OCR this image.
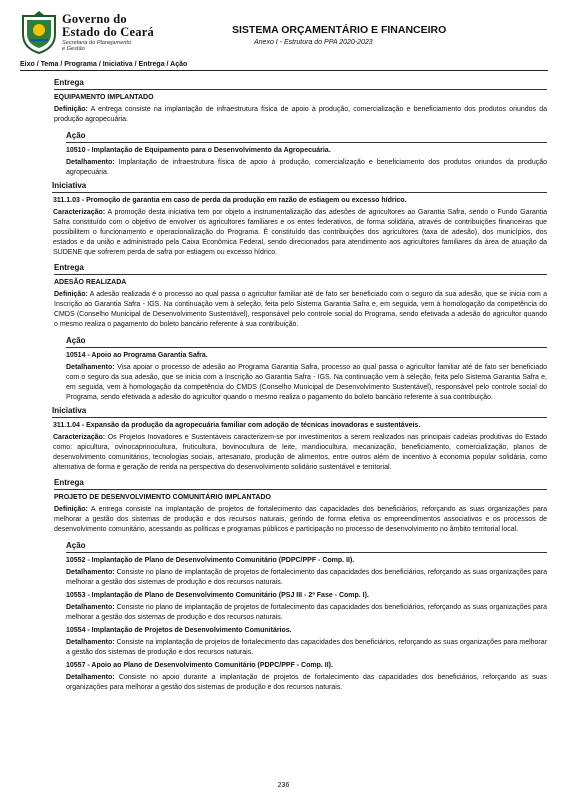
Governo do
Estado do Ceará
Secretaria do Planejamento
e Gestão
SISTEMA ORÇAMENTÁRIO E FINANCEIRO
Anexo I - Estrutura do PPA 2020-2023
Eixo / Tema / Programa / Iniciativa / Entrega / Ação
Entrega
EQUIPAMENTO IMPLANTADO
Definição: A entrega consiste na implantação de infraestrutura física de apoio à produção, comercialização e beneficiamento dos produtos oriundos da produção agropecuária.
Ação
10510 - Implantação de Equipamento para o Desenvolvimento da Agropecuária.
Detalhamento: Implantação de infraestrutura física de apoio à produção, comercialização e beneficiamento dos produtos oriundos da produção agropecuária.
Iniciativa
311.1.03 - Promoção de garantia em caso de perda da produção em razão de estiagem ou excesso hídrico.
Caracterização: A promoção desta iniciativa tem por objeto a instrumentalização das adesões de agricultores ao Garantia Safra, sendo o Fundo Garantia Safra constituído com o objetivo de envolver os agricultores familiares e os entes federativos, de forma solidária, através de contribuições financeiras que possibilitem o funcionamento e operacionalização do Programa. É constituído das contribuições dos agricultores (taxa de adesão), dos municípios, dos estados e da união e administrado pela Caixa Econômica Federal, sendo direcionados para atendimento aos agricultores familiares da área de atuação da SUDENE que sofrerem perda de safra por estiagem ou excesso hídrico.
Entrega
ADESÃO REALIZADA
Definição: A adesão realizada é o processo ao qual passa o agricultor familiar até de fato ser beneficiado com o seguro da sua adesão, que se inicia com a Inscrição ao Garantia Safra - IGS. Na continuação vem à seleção, feita pelo Sistema Garantia Safra e, em seguida, vem à homologação da competência do CMDS (Conselho Municipal de Desenvolvimento Sustentável), responsável pelo controle social do Programa, sendo efetivada a adesão do agricultor quando o mesmo realiza o pagamento do boleto bancário referente à sua contribuição.
Ação
10514 - Apoio ao Programa Garantia Safra.
Detalhamento: Visa apoiar o processo de adesão ao Programa Garantia Safra, processo ao qual passa o agricultor familiar até de fato ser beneficiado com o seguro da sua adesão, que se inicia com a Inscrição ao Garantia Safra - IGS. Na continuação vem à seleção, feita pelo Sistema Garantia Safra e, em seguida, vem à homologação da competência do CMDS (Conselho Municipal de Desenvolvimento Sustentável), responsável pelo controle social do Programa, sendo efetivada a adesão do agricultor quando o mesmo realiza o pagamento do boleto bancário referente à sua contribuição.
Iniciativa
311.1.04 - Expansão da produção da agropecuária familiar com adoção de técnicas inovadoras e sustentáveis.
Caracterização: Os Projetos Inovadores e Sustentáveis caracterizem-se por investimentos a serem realizados nas principais cadeias produtivas do Estado como: apicultura, ovinocaprinocultura, fruticultura, bovinocultura de leite, mandiocultura, mecanização, beneficiamento, comercialização, planos de desenvolvimento comunitários, tecnologias sociais, artesanato, produção de alimentos, entre outros além de incentivo à economia popular solidária, como alternativa de forma e geração de renda na perspectiva do desenvolvimento solidário sustentável e territorial.
Entrega
PROJETO DE DESENVOLVIMENTO COMUNITÁRIO IMPLANTADO
Definição: A entrega consiste na implantação de projetos de fortalecimento das capacidades dos beneficiários, reforçando as suas organizações para melhorar a gestão dos sistemas de produção e dos recursos naturais, gerindo de forma efetiva os empreendimentos associativos e os processos de desenvolvimento comunitário, acessando as políticas e programas públicos e participação no processo de desenvolvimento no âmbito territorial local.
Ação
10552 - Implantação de Plano de Desenvolvimento Comunitário (PDPC/PPF - Comp. II).
Detalhamento: Consiste no plano de implantação de projetos de fortalecimento das capacidades dos beneficiários, reforçando as suas organizações para melhorar a gestão dos sistemas de produção e dos recursos naturais.
10553 - Implantação de Plano de Desenvolvimento Comunitário (PSJ III - 2ª Fase - Comp. I).
Detalhamento: Consiste no plano de implantação de projetos de fortalecimento das capacidades dos beneficiários, reforçando as suas organizações para melhorar a gestão dos sistemas de produção e dos recursos naturais.
10554 - Implantação de Projetos de Desenvolvimento Comunitários.
Detalhamento: Consiste na implantação de projetos de fortalecimento das capacidades dos beneficiários, reforçando as suas organizações para melhorar a gestão dos sistemas de produção e dos recursos naturais.
10557 - Apoio ao Plano de Desenvolvimento Comunitário (PDPC/PPF - Comp. II).
Detalhamento: Consiste no apoio durante a implantação de projetos de fortalecimento das capacidades dos beneficiários, reforçando as suas organizações para melhorar a gestão dos sistemas de produção e dos recursos naturais.
236
